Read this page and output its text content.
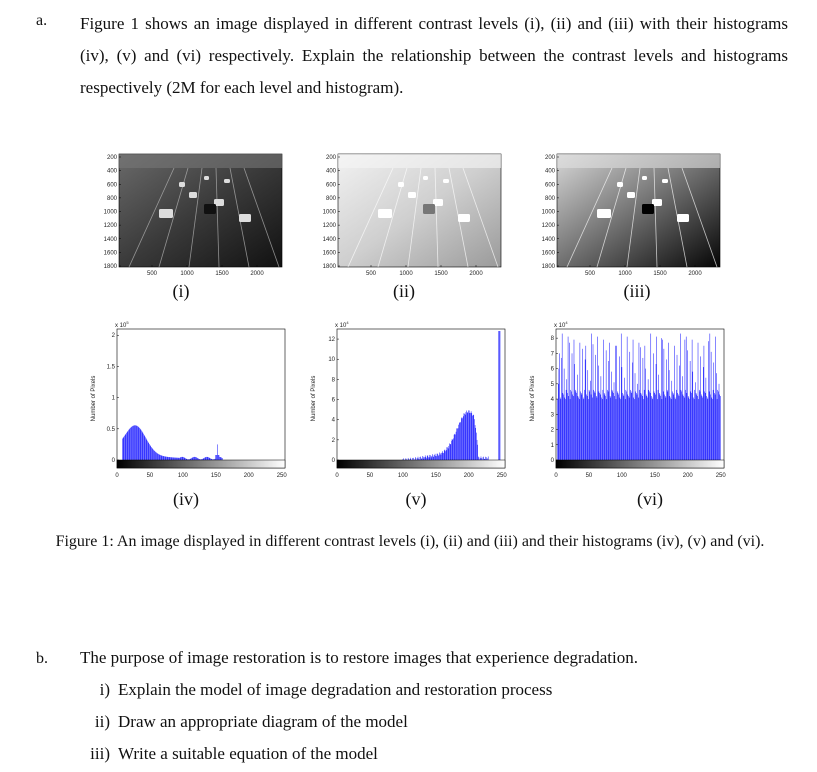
a. Figure 1 shows an image displayed in different contrast levels (i), (ii) and (iii) with their histograms (iv), (v) and (vi) respectively. Explain the relationship between the contrast levels and histograms respectively (2M for each level and histogram).
200
400
600
800
1000
1200
1400
1600
1800
500	1000	1500	2000
200
400
600
800
1000
1200
1400
1600
1800
500	1000	1500	2000
200
400
600
800
1000
1200
1400
1600
1800
500	1000	1500	2000
(i)	(ii)	(iii)
0
0.5
1
1.5
2
0	50	100	150	200	250
x $10^5$
Number of Pixels
0
2
4
6
8
10
12
0	50	100	150	200	250
x $10^4$
Number of Pixels
0
1
2
3
4
5
6
7
8
0	50	100	150	200	250
x $10^4$
Number of Pixels
(iv)	(v)	(vi)
Figure 1: An image displayed in different contrast levels (i), (ii) and (iii) and their histograms (iv), (v) and (vi).
b. The purpose of image restoration is to restore images that experience degradation.
i) Explain the model of image degradation and restoration process
ii) Draw an appropriate diagram of the model
iii) Write a suitable equation of the model
